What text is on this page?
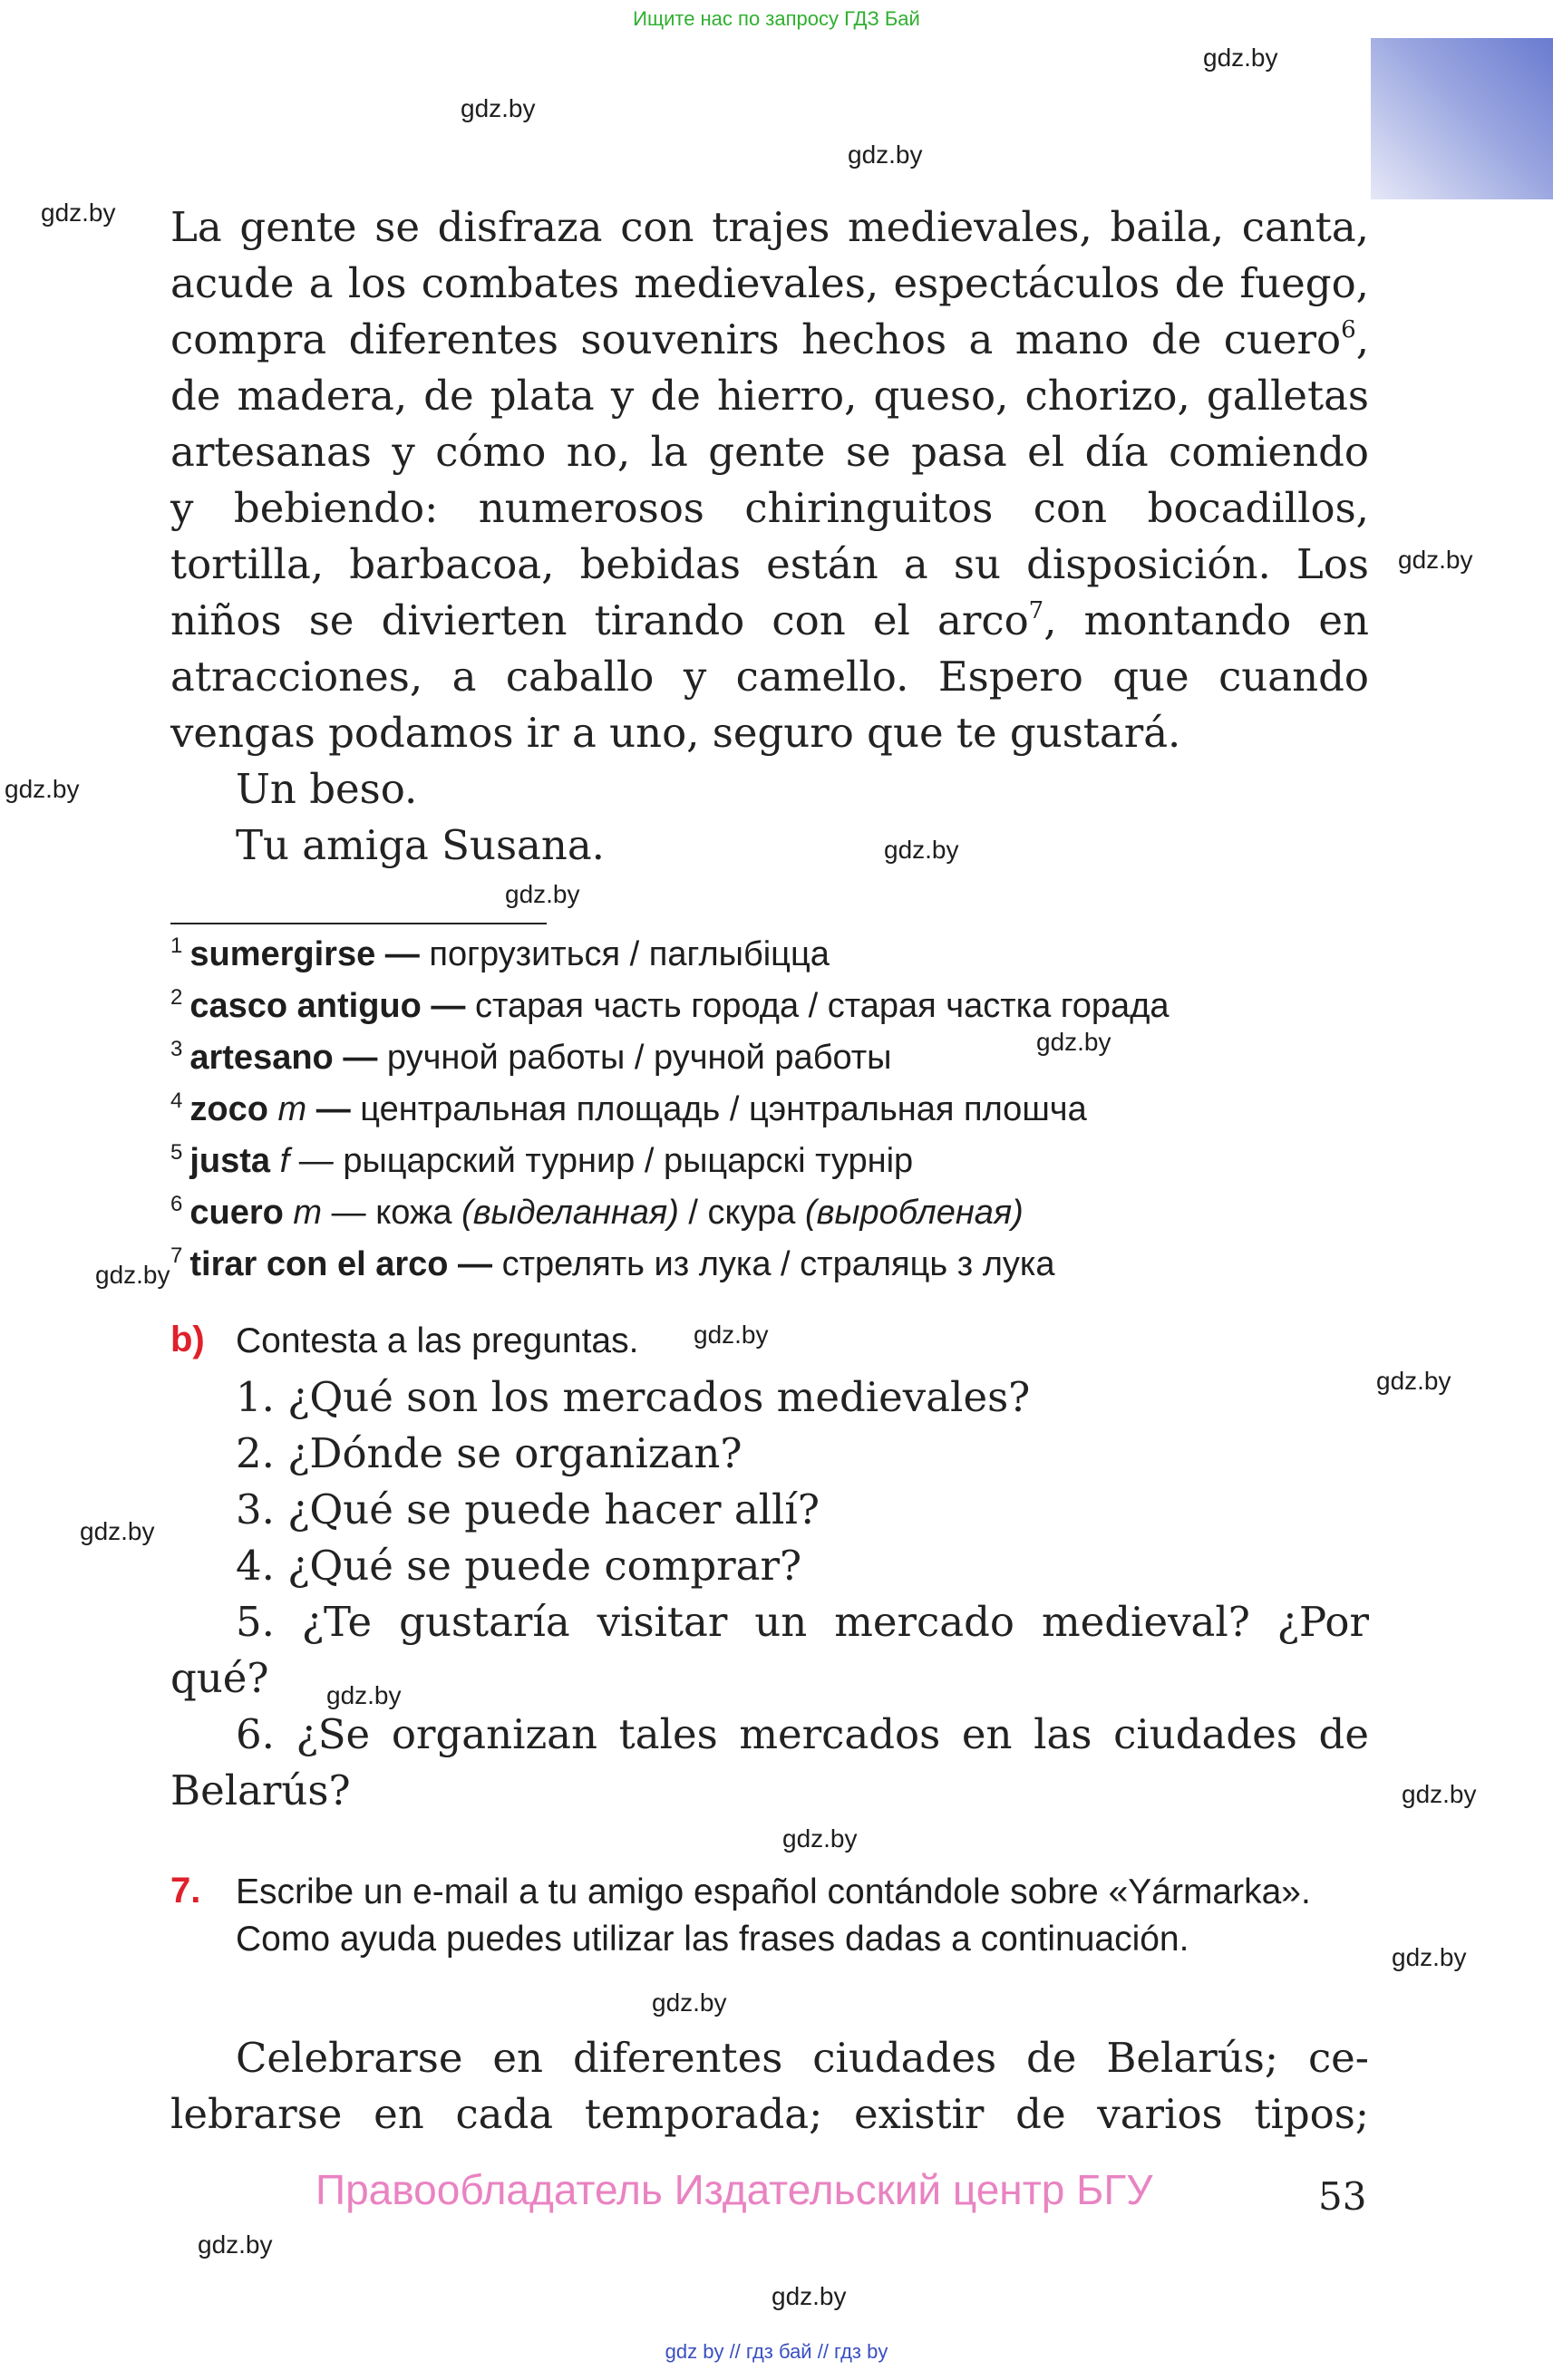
Ищите нас по запросу ГДЗ Бай
gdz.by
gdz.by
gdz.by
gdz.by
gdz.by
gdz.by
gdz.by
gdz.by
gdz.by
gdz.by
gdz.by
gdz.by
gdz.by
gdz.by
gdz.by
gdz.by
gdz.by
gdz.by
gdz.by
gdz.by
La gente se disfraza con trajes medievales, baila, canta,
acude a los combates medievales, espectáculos de fuego,
compra diferentes souvenirs hechos a mano de cuero$^6$,
de madera, de plata y de hierro, queso, chorizo, galletas
artesanas y cómo no, la gente se pasa el día comiendo
y bebiendo: numerosos chiringuitos con bocadillos,
tortilla, barbacoa, bebidas están a su disposición. Los
niños se divierten tirando con el arco$^7$, montando en
atracciones, a caballo y camello. Espero que cuando
vengas podamos ir a uno, seguro que te gustará.
Un beso.
Tu amiga Susana.
$^1$ sumergirse — погрузиться / паглыбіцца
$^2$ casco antiguo — старая часть города / старая частка горада
$^3$ artesano — ручной работы / ручной работы
$^4$ zoco m — центральная площадь / цэнтральная плошча
$^5$ justa f — рыцарский турнир / рыцарскі турнір
$^6$ cuero m — кожа (выделанная) / скура (выробленая)
$^7$ tirar con el arco — стрелять из лука / страляць з лука
b) Contesta a las preguntas.
1. ¿Qué son los mercados medievales?
2. ¿Dónde se organizan?
3. ¿Qué se puede hacer allí?
4. ¿Qué se puede comprar?
5. ¿Te gustaría visitar un mercado medieval? ¿Por
qué?
6. ¿Se organizan tales mercados en las ciudades de
Belarús?
7. Escribe un e-mail a tu amigo español contándole sobre «Yármarka».
Como ayuda puedes utilizar las frases dadas a continuación.
Celebrarse en diferentes ciudades de Belarús; ce-
lebrarse en cada temporada; existir de varios tipos;
Правообладатель Издательский центр БГУ	53
gdz by // гдз бай // гдз by
